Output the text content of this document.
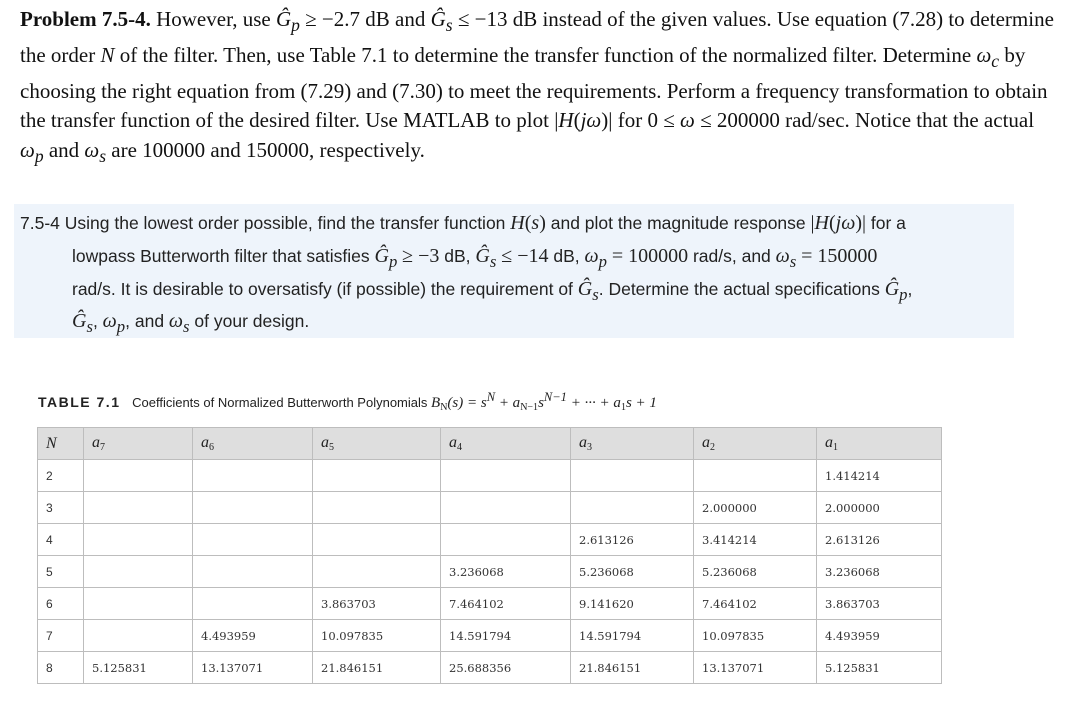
Problem 7.5-4. However, use $Ĝ_p \ge -2.7$ dB and $Ĝ_s \le -13$ dB instead of the given values. Use equation (7.28) to determine the order N of the filter. Then, use Table 7.1 to determine the transfer function of the normalized filter. Determine $\omega_c$ by choosing the right equation from (7.29) and (7.30) to meet the requirements. Perform a frequency transformation to obtain the transfer function of the desired filter. Use MATLAB to plot |H(jω)| for 0 ≤ ω ≤ 200000 rad/sec. Notice that the actual $\omega_p$ and $\omega_s$ are 100000 and 150000, respectively.
7.5-4 Using the lowest order possible, find the transfer function H(s) and plot the magnitude response |H(jω)| for a
lowpass Butterworth filter that satisfies $Ĝ_p \ge -3$ dB, $Ĝ_s \le -14$ dB, $\omega_p = 100000$ rad/s, and $\omega_s = 150000$
rad/s. It is desirable to oversatisfy (if possible) the requirement of $Ĝ_s$. Determine the actual specifications $Ĝ_p$,
$Ĝ_s$, $\omega_p$, and $\omega_s$ of your design.
TABLE 7.1 Coefficients of Normalized Butterworth Polynomials $B_N(s) = s^N + a_{N-1}s^{N-1}$ + ··· + $a_1s + 1$
N	$a_7$	$a_6$	$a_5$	$a_4$	$a_3$	$a_2$	$a_1$
2							1.414214
3						2.000000	2.000000
4					2.613126	3.414214	2.613126
5				3.236068	5.236068	5.236068	3.236068
6			3.863703	7.464102	9.141620	7.464102	3.863703
7		4.493959	10.097835	14.591794	14.591794	10.097835	4.493959
8	5.125831	13.137071	21.846151	25.688356	21.846151	13.137071	5.125831
